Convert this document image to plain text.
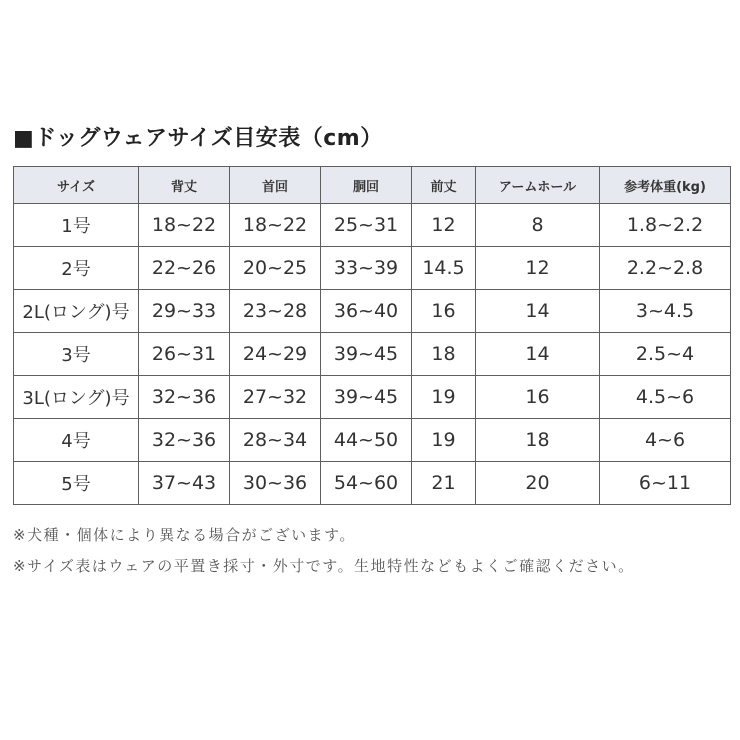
■ドッグウェアサイズ目安表（cm）
サイズ	背丈	首回	胴回	前丈	アームホール	参考体重(kg)
1号	18~22	18~22	25~31	12	8	1.8~2.2
2号	22~26	20~25	33~39	14.5	12	2.2~2.8
2L(ロング)号	29~33	23~28	36~40	16	14	3~4.5
3号	26~31	24~29	39~45	18	14	2.5~4
3L(ロング)号	32~36	27~32	39~45	19	16	4.5~6
4号	32~36	28~34	44~50	19	18	4~6
5号	37~43	30~36	54~60	21	20	6~11
※犬種・個体により異なる場合がございます。
※サイズ表はウェアの平置き採寸・外寸です。生地特性などもよくご確認ください。
